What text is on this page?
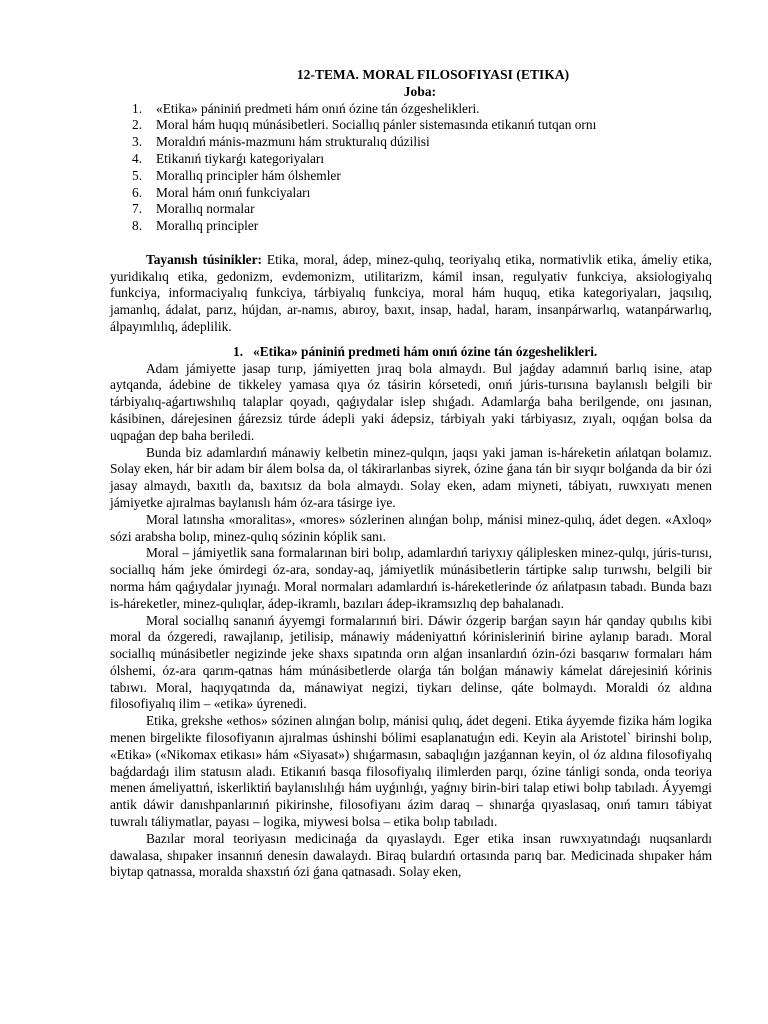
12-TEMA. MORAL FILOSOFIYASI (ETIKA)
Joba:
1. «Etika» pániniń predmeti hám onıń ózine tán ózgeshelikleri.
2. Moral hám huqıq múnásibetleri. Sociallıq pánler sistemasında etikanıń tutqan ornı
3. Moraldıń mánis-mazmunı hám strukturalıq dúzilisi
4. Etikanıń tiykarǵı kategoriyaları
5. Morallıq principler hám ólshemler
6. Moral hám onıń funkciyaları
7. Morallıq normalar
8. Morallıq principler

Tayanısh túsinikler: Etika, moral, ádep, minez-qulıq, teoriyalıq etika, normativlik etika, ámeliy etika, yuridikalıq etika, gedonizm, evdemonizm, utilitarizm, kámil insan, regulyativ funkciya, aksiologiyalıq funkciya, informaciyalıq funkciya, tárbiyalıq funkciya, moral hám huquq, etika kategoriyaları, jaqsılıq, jamanlıq, ádalat, parız, hújdan, ar-namıs, abıroy, baxıt, insap, hadal, haram, insanpárwarlıq, watanpárwarlıq, álpayımlılıq, ádeplilik.

1. «Etika» pániniń predmeti hám onıń ózine tán ózgeshelikleri.

Adam jámiyette jasap turıp, jámiyetten jıraq bola almaydı. Bul jaǵday adamnıń barlıq isine, atap aytqanda, ádebine de tikkeley yamasa qıya óz tásirin kórsetedi, onıń júris-turısına baylanıslı belgili bir tárbiyalıq-aǵartıwshılıq talaplar qoyadı, qaǵıydalar islep shıǵadı. Adamlarǵa baha berilgende, onı jasınan, kásibinen, dárejesinen ǵárezsiz túrde ádepli yaki ádepsiz, tárbiyalı yaki tárbiyasız, zıyalı, oqıǵan bolsa da uqpaǵan dep baha beriledi.

Bunda biz adamlardıń mánawiy kelbetin minez-qulqın, jaqsı yaki jaman is-háreketin ańlatqan bolamız. Solay eken, hár bir adam bir álem bolsa da, ol tákirarlanbas siyrek, ózine ǵana tán bir sıyqır bolǵanda da bir ózi jasay almaydı, baxıtlı da, baxıtsız da bola almaydı. Solay eken, adam miyneti, tábiyatı, ruwxıyatı menen jámiyetke ajıralmas baylanıslı hám óz-ara tásirge iye.

Moral latınsha «moralitas», «mores» sózlerinen alınǵan bolıp, mánisi minez-qulıq, ádet degen. «Axloq» sózi arabsha bolıp, minez-qulıq sózinin kóplik sanı.

Moral – jámiyetlik sana formalarınan biri bolıp, adamlardıń tariyxıy qáliplesken minez-qulqı, júris-turısı, sociallıq hám jeke ómirdegi óz-ara, sonday-aq, jámiyetlik múnásibetlerin tártipke salıp turıwshı, belgili bir norma hám qaǵıydalar jıyınaǵı. Moral normaları adamlardıń is-háreketlerinde óz ańlatpasın tabadı. Bunda bazı is-háreketler, minez-qulıqlar, ádep-ikramlı, bazıları ádep-ikramsızlıq dep bahalanadı.

Moral sociallıq sananıń áyyemgi formalarınıń biri. Dáwir ózgerip barǵan sayın hár qanday qubılıs kibi moral da ózgeredi, rawajlanıp, jetilisip, mánawiy mádeniyattıń kórinisleriniń birine aylanıp baradı. Moral sociallıq múnásibetler negizinde jeke shaxs sıpatında orın alǵan insanlardıń ózin-ózi basqarıw formaları hám ólshemi, óz-ara qarım-qatnas hám múnásibetlerde olarǵa tán bolǵan mánawiy kámelat dárejesiniń kórinis tabıwı. Moral, haqıyqatında da, mánawiyat negizi, tiykarı delinse, qáte bolmaydı. Moraldi óz aldına filosofiyalıq ilim – «etika» úyrenedi.

Etika, grekshe «ethos» sózinen alınǵan bolıp, mánisi qulıq, ádet degeni. Etika áyyemde fizika hám logika menen birgelikte filosofiyanın ajıralmas úshinshi bólimi esaplanatuǵın edi. Keyin ala Aristotel` birinshi bolıp, «Etika» («Nikomax etikası» hám «Siyasat») shıǵarmasın, sabaqlıǵın jazǵannan keyin, ol óz aldına filosofiyalıq baǵdardaǵı ilim statusın aladı. Etikanıń basqa filosofiyalıq ilimlerden parqı, ózine tánligi sonda, onda teoriya menen ámeliyattıń, iskerliktiń baylanıslılıǵı hám uyǵınlıǵı, yaǵnıy birin-biri talap etiwi bolıp tabıladı. Áyyemgi antik dáwir danıshpanlarınıń pikirinshe, filosofiyanı ázim daraq – shınarǵa qıyaslasaq, onıń tamırı tábiyat tuwralı táliymatlar, payası – logika, miywesi bolsa – etika bolıp tabıladı.

Bazılar moral teoriyasın medicinaǵa da qıyaslaydı. Eger etika insan ruwxıyatındaǵı nuqsanlardı dawalasa, shıpaker insannıń denesin dawalaydı. Biraq bulardıń ortasında parıq bar. Medicinada shıpaker hám biytap qatnassa, moralda shaxstıń ózi ǵana qatnasadı. Solay eken,
